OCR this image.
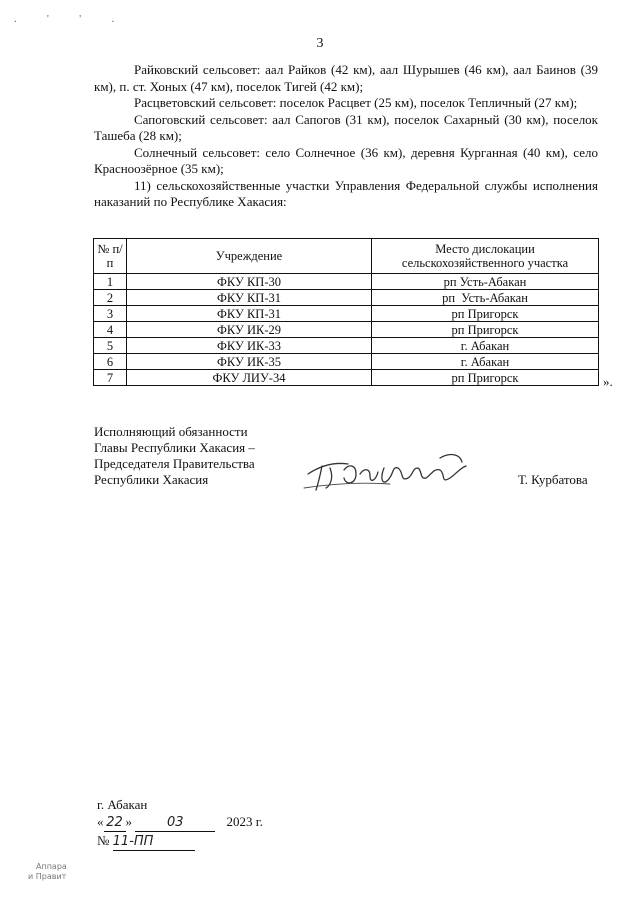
. ' ' .
3

Райковский сельсовет: аал Райков (42 км), аал Шурышев (46 км), аал Баинов (39 км), п. ст. Хоных (47 км), поселок Тигей (42 км);

Расцветовский сельсовет: поселок Расцвет (25 км), поселок Тепличный (27 км);

Сапоговский сельсовет: аал Сапогов (31 км), поселок Сахарный (30 км), поселок Ташеба (28 км);

Солнечный сельсовет: село Солнечное (36 км), деревня Курганная (40 км), село Красноозёрное (35 км);

11) сельскохозяйственные участки Управления Федеральной службы исполнения наказаний по Республике Хакасия:

№ п/п	Учреждение	Место дислокации сельскохозяйственного участка
1	ФКУ КП-30	рп Усть-Абакан
2	ФКУ КП-31	рп  Усть-Абакан
3	ФКУ КП-31	рп Пригорск
4	ФКУ ИК-29	рп Пригорск
5	ФКУ ИК-33	г. Абакан
6	ФКУ ИК-35	г. Абакан
7	ФКУ ЛИУ-34	рп Пригорск	».
Исполняющий обязанности
Главы Республики Хакасия –
Председателя Правительства
Республики Хакасия	Т. Курбатова
г. Абакан
« 22 »	03	2023 г.
№ 11-ПП
Аппара
и Правит
